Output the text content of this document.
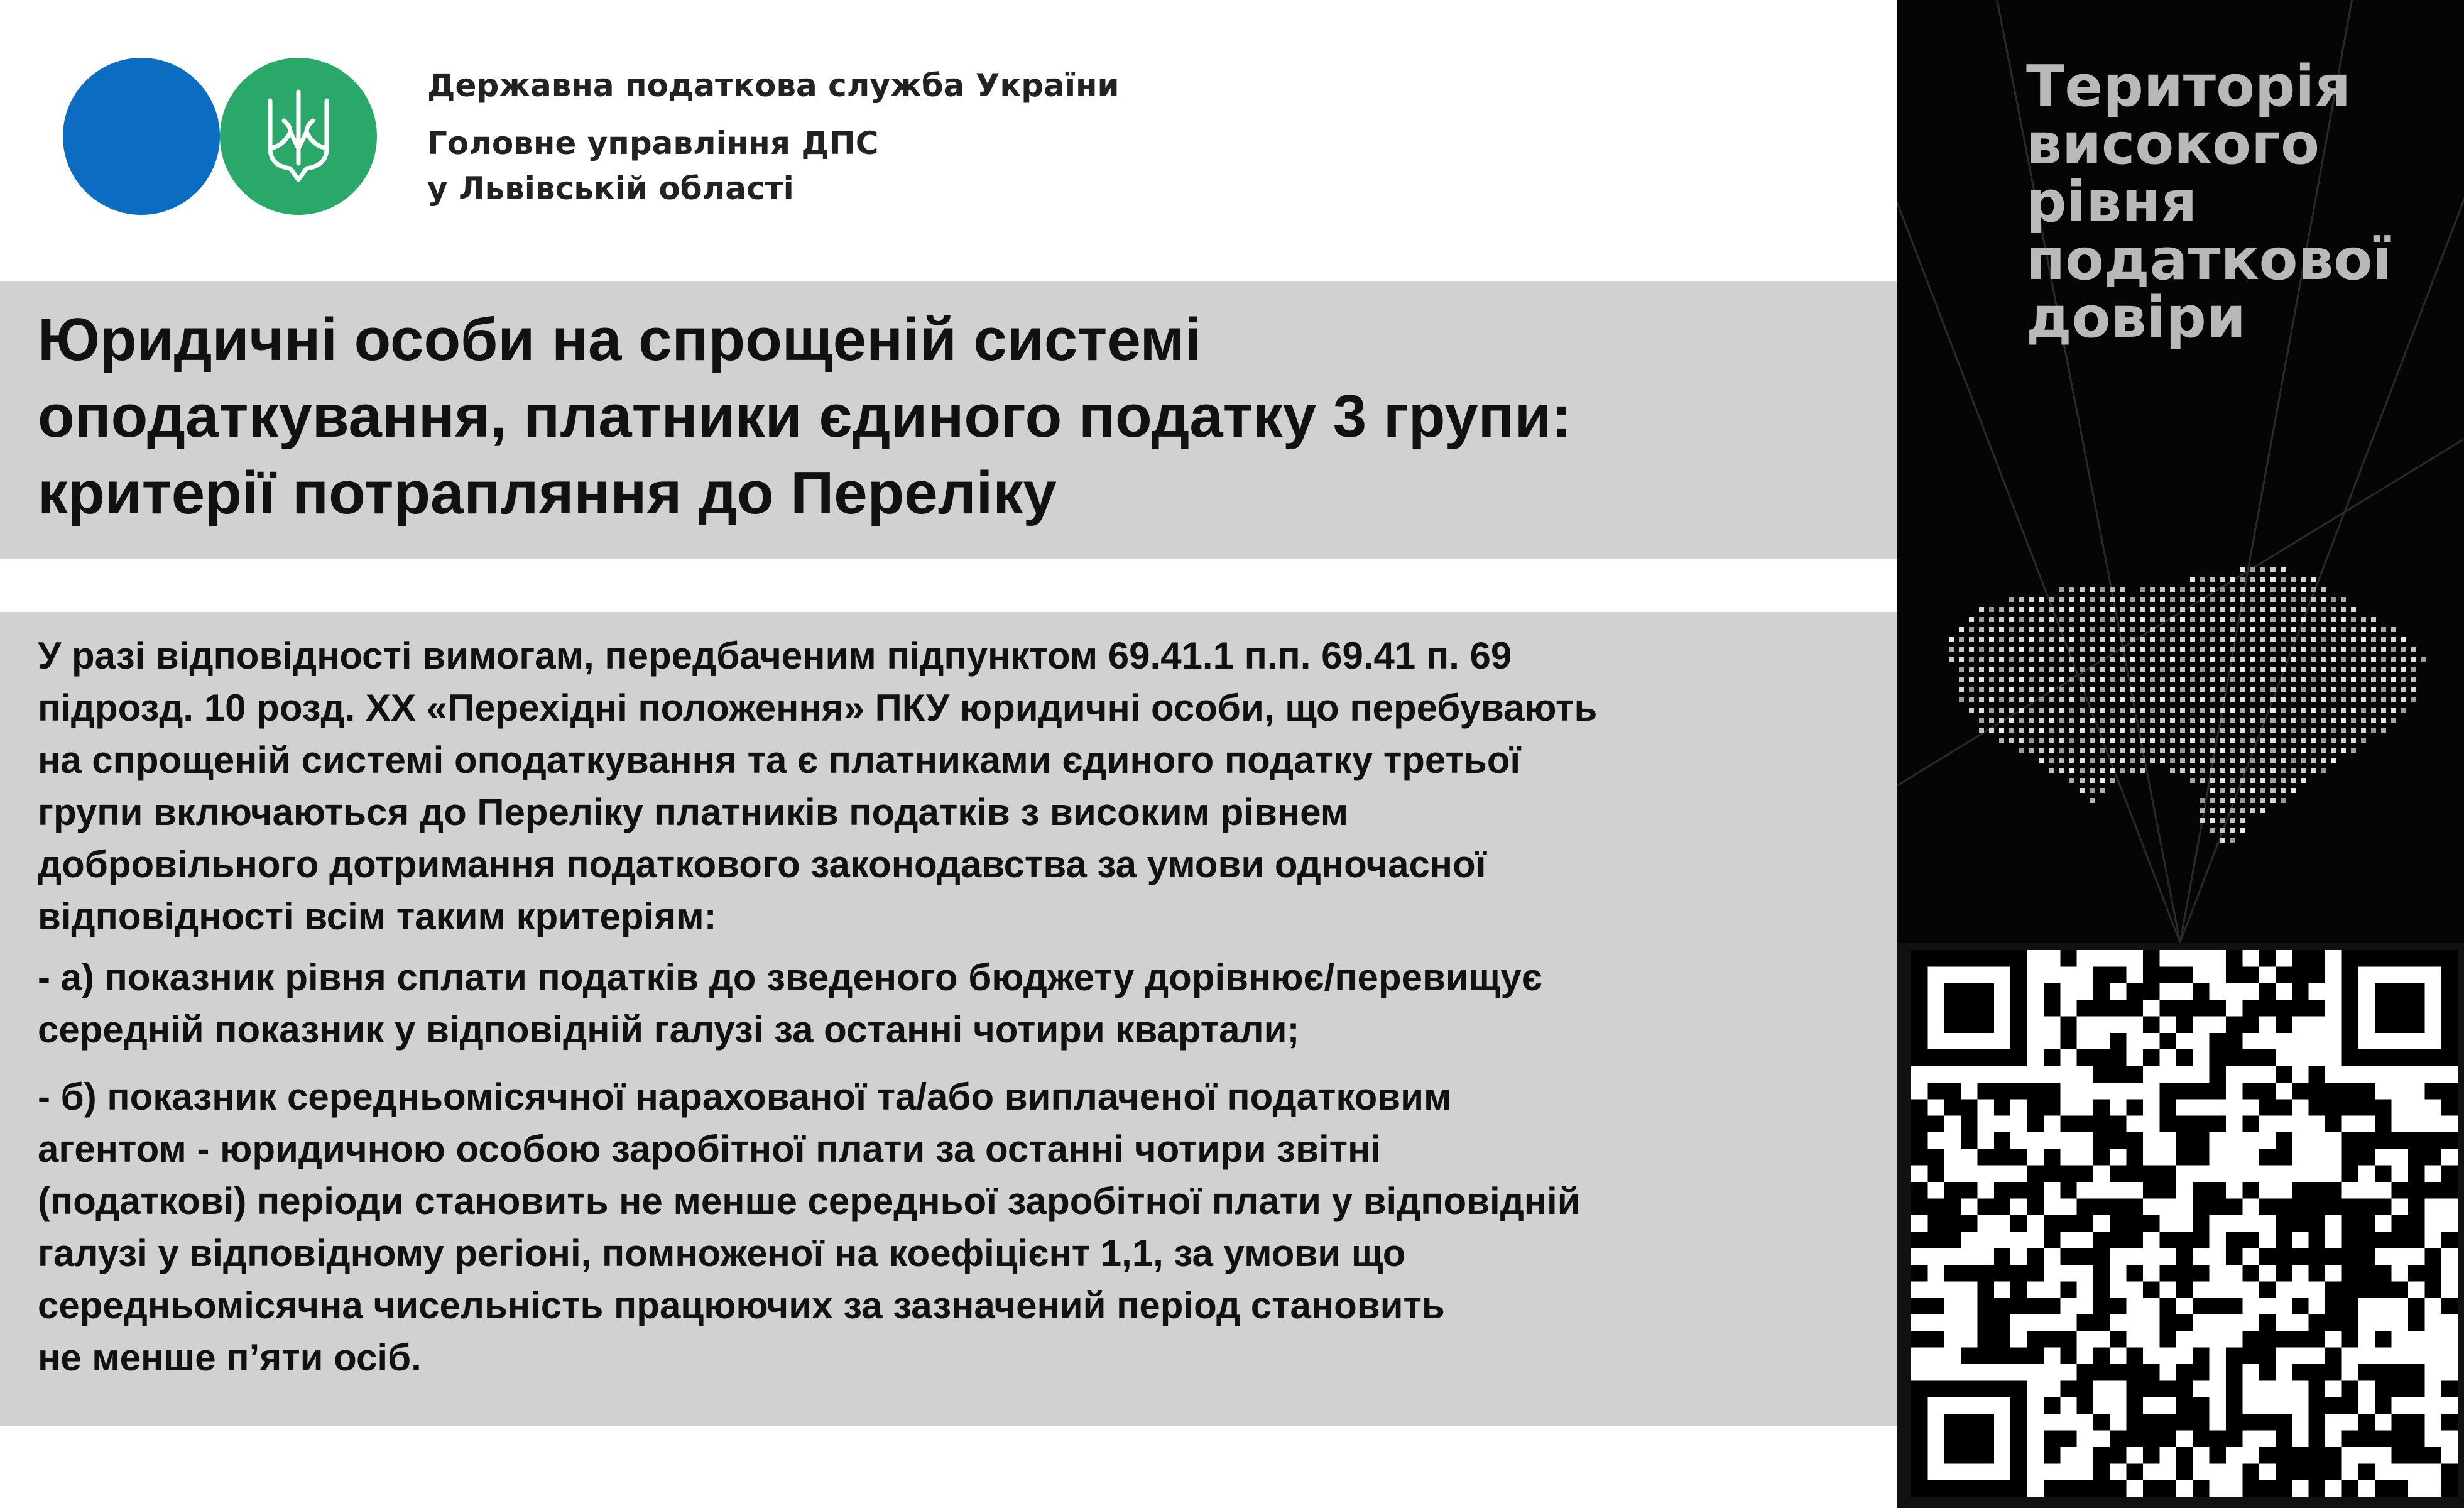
Державна податкова служба України
Головне управління ДПС
у Львівській області
Юридичні особи на спрощеній системі
оподаткування, платники єдиного податку 3 групи:
критерії потрапляння до Переліку

У разі відповідності вимогам, передбаченим підпунктом 69.41.1 п.п. 69.41 п. 69
підрозд. 10 розд. ХХ «Перехідні положення» ПКУ юридичні особи, що перебувають
на спрощеній системі оподаткування та є платниками єдиного податку третьої
групи включаються до Переліку платників податків з високим рівнем
добровільного дотримання податкового законодавства за умови одночасної
відповідності всім таким критеріям:

- а) показник рівня сплати податків до зведеного бюджету дорівнює/перевищує
середній показник у відповідній галузі за останні чотири квартали;

- б) показник середньомісячної нарахованої та/або виплаченої податковим
агентом - юридичною особою заробітної плати за останні чотири звітні
(податкові) періоди становить не менше середньої заробітної плати у відповідній
галузі у відповідному регіоні, помноженої на коефіцієнт 1,1, за умови що
середньомісячна чисельність працюючих за зазначений період становить
не менше п’яти осіб.

Територія
високого
рівня
податкової
довіри
